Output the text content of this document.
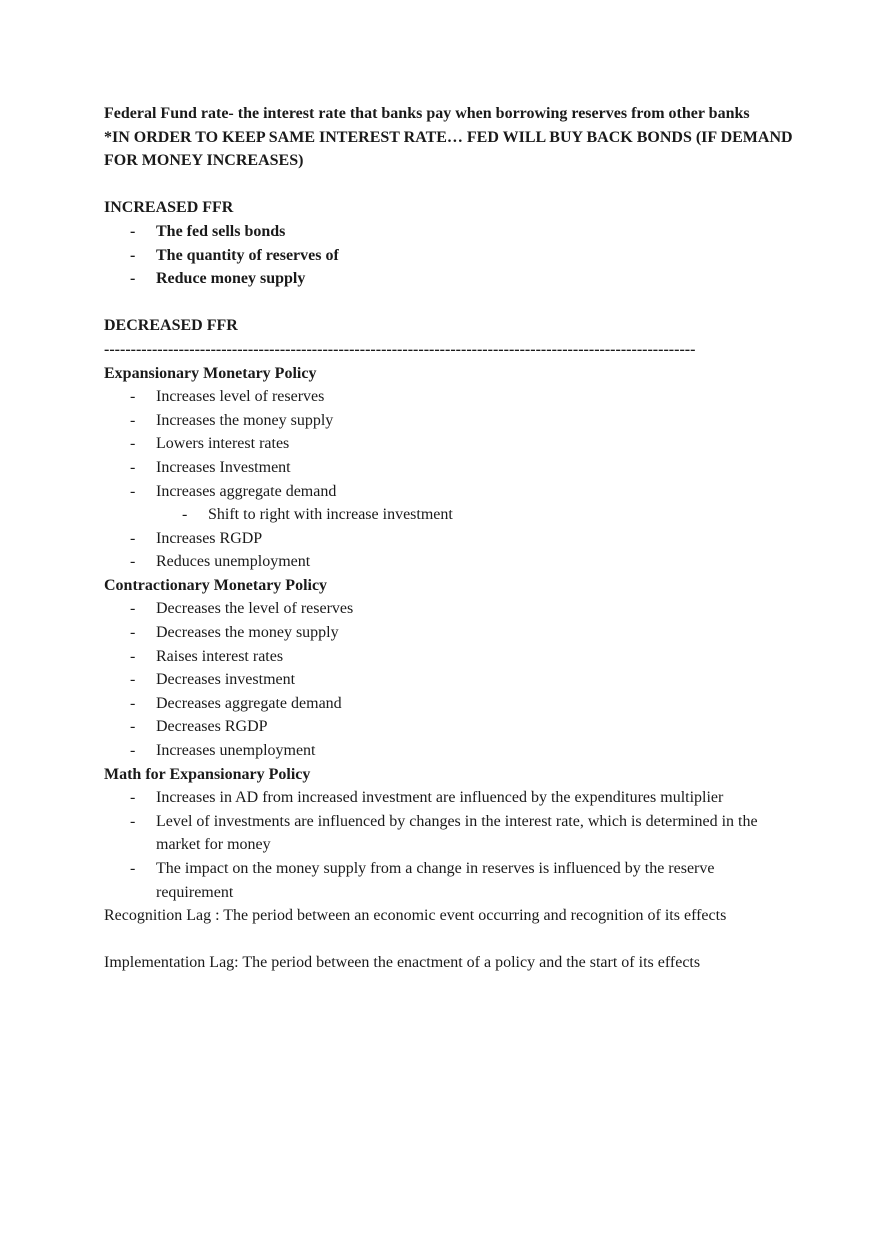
Federal Fund rate- the interest rate that banks pay when borrowing reserves from other banks

*IN ORDER TO KEEP SAME INTEREST RATE… FED WILL BUY BACK BONDS (IF DEMAND FOR MONEY INCREASES)

INCREASED FFR

- The fed sells bonds
- The quantity of reserves of
- Reduce money supply

DECREASED FFR

---------------------------------------------------------------------------------------------------------------

Expansionary Monetary Policy

- Increases level of reserves
- Increases the money supply
- Lowers interest rates
- Increases Investment
- Increases aggregate demand
- Shift to right with increase investment
- Increases RGDP
- Reduces unemployment

Contractionary Monetary Policy

- Decreases the level of reserves
- Decreases the money supply
- Raises interest rates
- Decreases investment
- Decreases aggregate demand
- Decreases RGDP
- Increases unemployment

Math for Expansionary Policy

- Increases in AD from increased investment are influenced by the expenditures multiplier
- Level of investments are influenced by changes in the interest rate, which is determined in the market for money
- The impact on the money supply from a change in reserves is influenced by the reserve requirement

Recognition Lag : The period between an economic event occurring and recognition of its effects

Implementation Lag: The period between the enactment of a policy and the start of its effects
